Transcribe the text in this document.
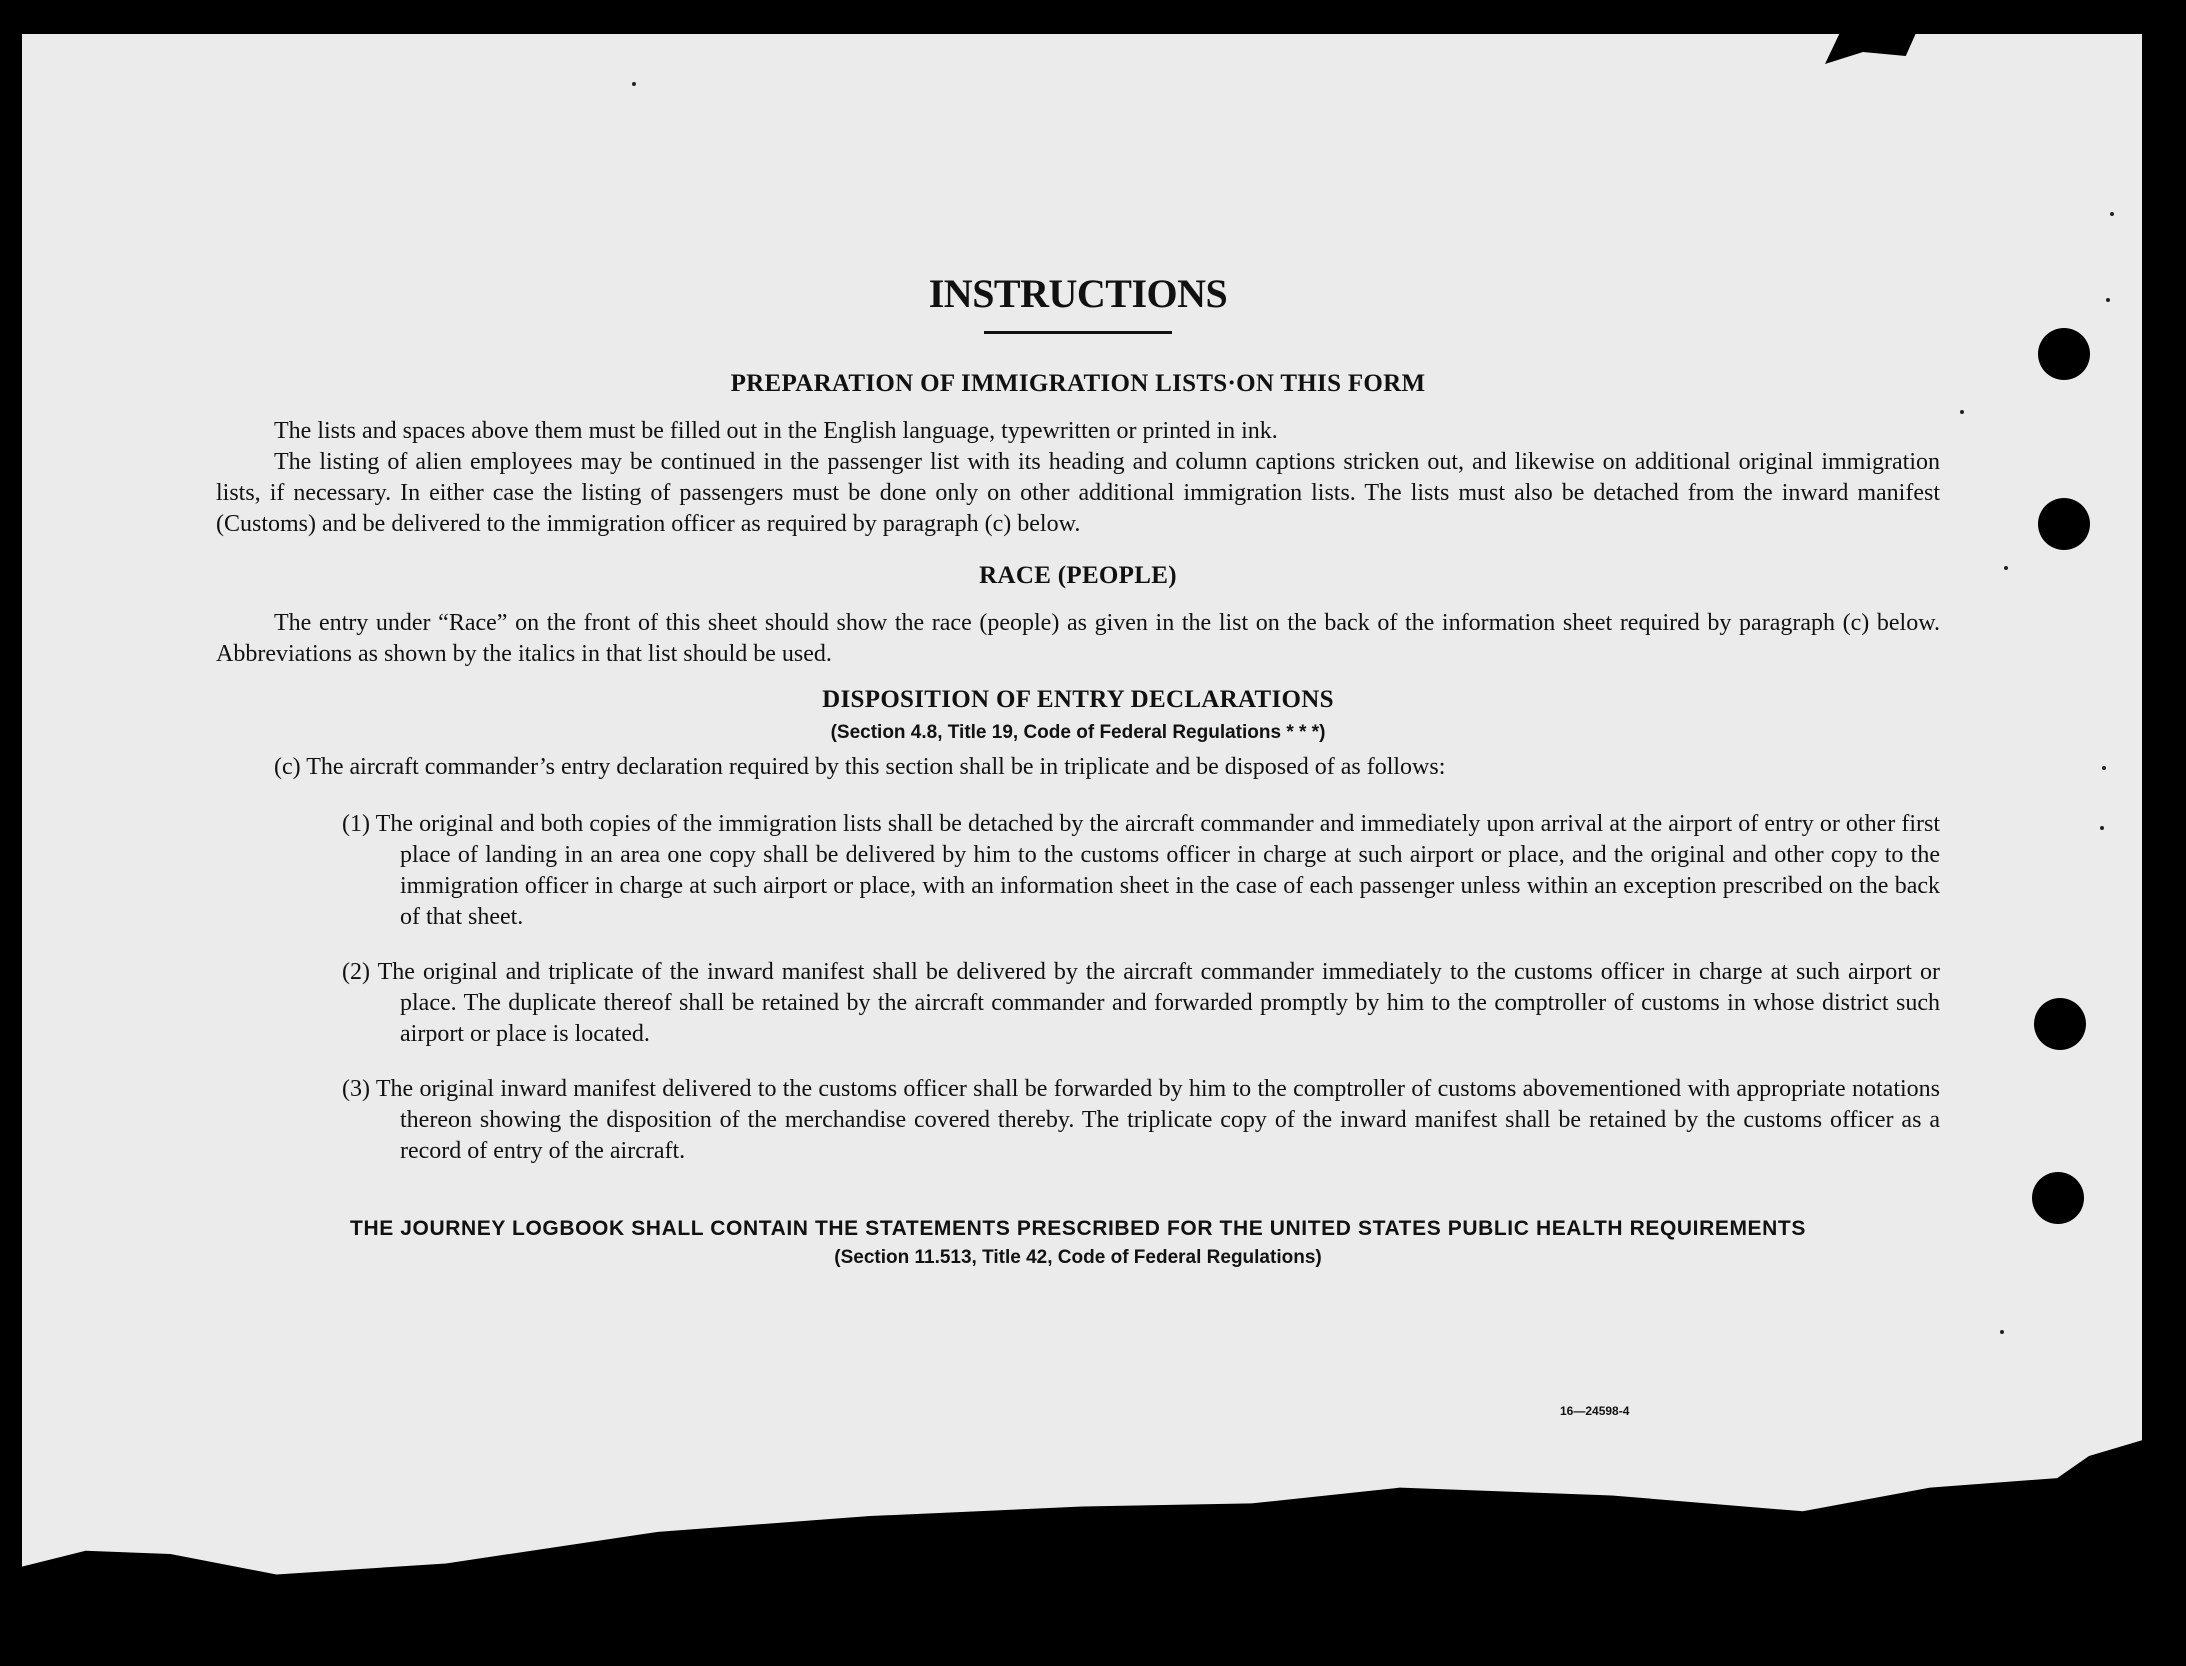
INSTRUCTIONS
PREPARATION OF IMMIGRATION LISTS·ON THIS FORM

The lists and spaces above them must be filled out in the English language, typewritten or printed in ink.

The listing of alien employees may be continued in the passenger list with its heading and column captions stricken out, and likewise on additional original immigration lists, if necessary. In either case the listing of passengers must be done only on other additional immigration lists. The lists must also be detached from the inward manifest (Customs) and be delivered to the immigration officer as required by paragraph (c) below.

RACE (PEOPLE)

The entry under “Race” on the front of this sheet should show the race (people) as given in the list on the back of the information sheet required by paragraph (c) below. Abbreviations as shown by the italics in that list should be used.

DISPOSITION OF ENTRY DECLARATIONS
(Section 4.8, Title 19, Code of Federal Regulations * * *)

(c) The aircraft commander’s entry declaration required by this section shall be in triplicate and be disposed of as follows:

(1) The original and both copies of the immigration lists shall be detached by the aircraft commander and immediately upon arrival at the airport of entry or other first place of landing in an area one copy shall be delivered by him to the customs officer in charge at such airport or place, and the original and other copy to the immigration officer in charge at such airport or place, with an information sheet in the case of each passenger unless within an exception prescribed on the back of that sheet.

(2) The original and triplicate of the inward manifest shall be delivered by the aircraft commander immediately to the customs officer in charge at such airport or place. The duplicate thereof shall be retained by the aircraft commander and forwarded promptly by him to the comptroller of customs in whose district such airport or place is located.

(3) The original inward manifest delivered to the customs officer shall be forwarded by him to the comptroller of customs abovementioned with appropriate notations thereon showing the disposition of the merchandise covered thereby. The triplicate copy of the inward manifest shall be retained by the customs officer as a record of entry of the aircraft.

THE JOURNEY LOGBOOK SHALL CONTAIN THE STATEMENTS PRESCRIBED FOR THE UNITED STATES PUBLIC HEALTH REQUIREMENTS
(Section 11.513, Title 42, Code of Federal Regulations)
16—24598-4
